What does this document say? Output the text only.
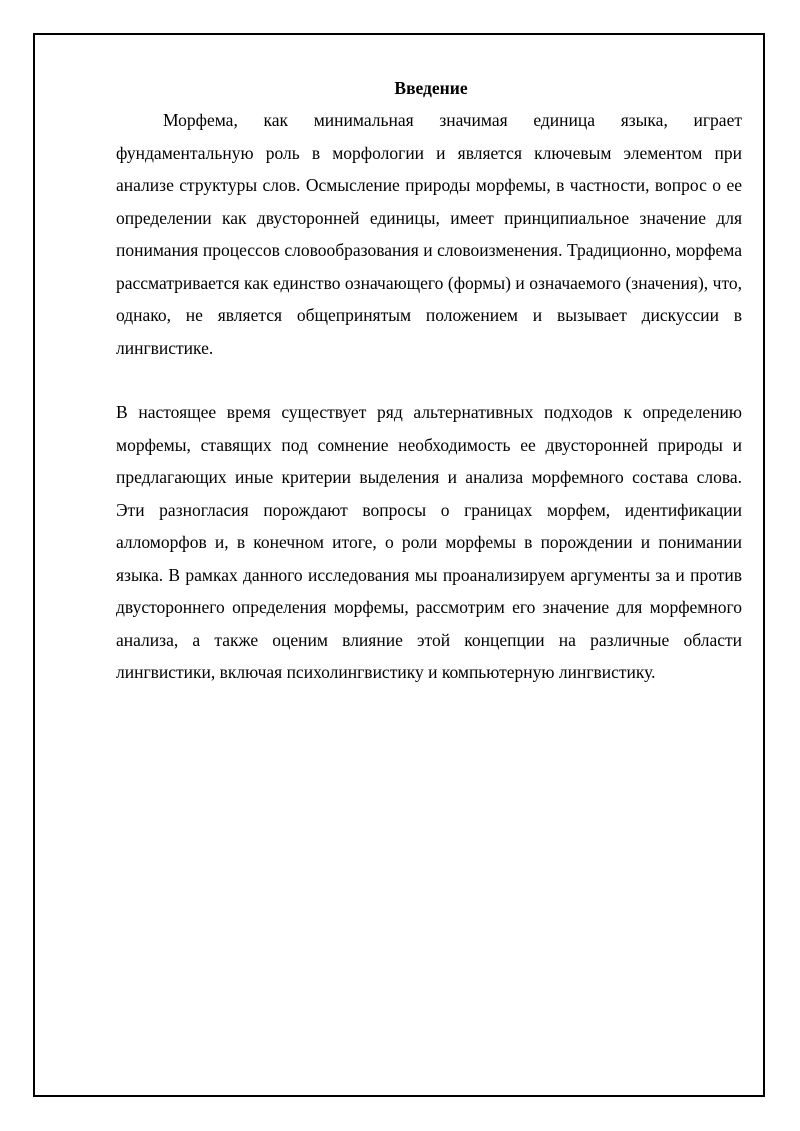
Введение

Морфема, как минимальная значимая единица языка, играет фундаментальную роль в морфологии и является ключевым элементом при анализе структуры слов. Осмысление природы морфемы, в частности, вопрос о ее определении как двусторонней единицы, имеет принципиальное значение для понимания процессов словообразования и словоизменения. Традиционно, морфема рассматривается как единство означающего (формы) и означаемого (значения), что, однако, не является общепринятым положением и вызывает дискуссии в лингвистике.

В настоящее время существует ряд альтернативных подходов к определению морфемы, ставящих под сомнение необходимость ее двусторонней природы и предлагающих иные критерии выделения и анализа морфемного состава слова. Эти разногласия порождают вопросы о границах морфем, идентификации алломорфов и, в конечном итоге, о роли морфемы в порождении и понимании языка. В рамках данного исследования мы проанализируем аргументы за и против двустороннего определения морфемы, рассмотрим его значение для морфемного анализа, а также оценим влияние этой концепции на различные области лингвистики, включая психолингвистику и компьютерную лингвистику.
